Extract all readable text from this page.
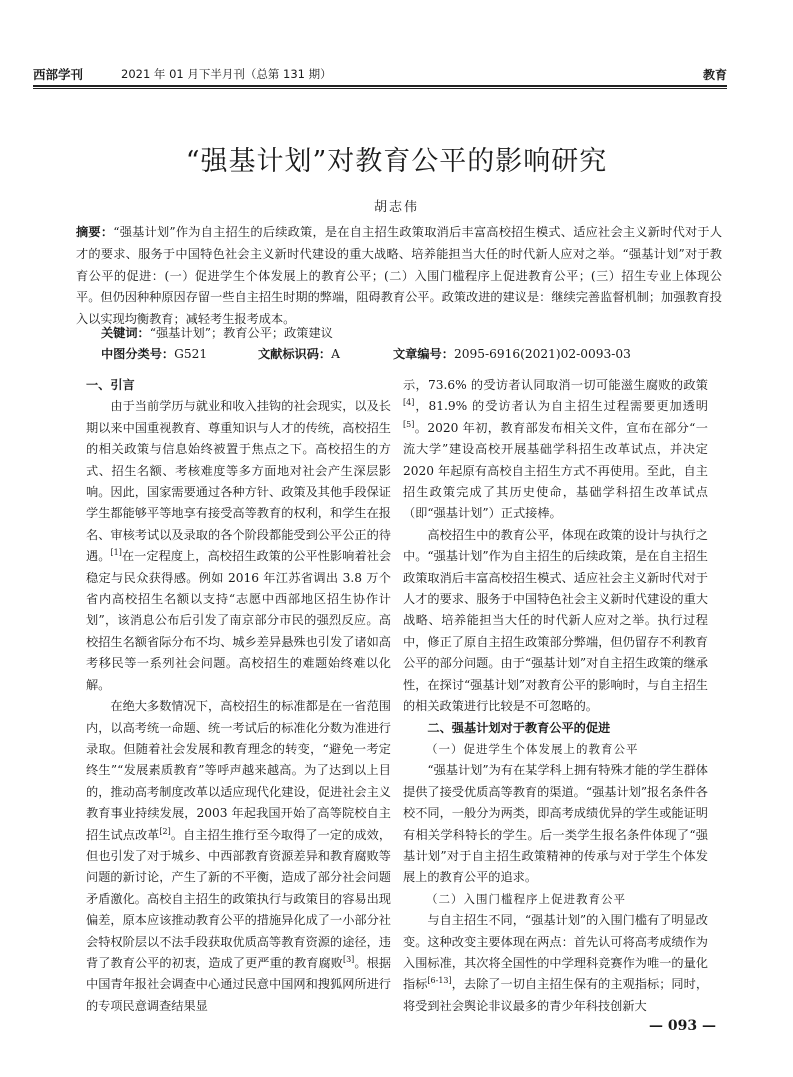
西部学刊	2021 年 01 月下半月刊（总第 131 期）	教育
“强基计划”对教育公平的影响研究
胡志伟
摘要：“强基计划”作为自主招生的后续政策，是在自主招生政策取消后丰富高校招生模式、适应社会主义新时代对于人才的要求、服务于中国特色社会主义新时代建设的重大战略、培养能担当大任的时代新人应对之举。“强基计划”对于教育公平的促进：(一）促进学生个体发展上的教育公平；(二）入围门槛程序上促进教育公平；(三）招生专业上体现公平。但仍因种种原因存留一些自主招生时期的弊端，阻碍教育公平。政策改进的建议是：继续完善监督机制；加强教育投入以实现均衡教育；减轻考生报考成本。
关键词：“强基计划”；教育公平；政策建议
中图分类号：G521	文献标识码：A	文章编号：2095-6916(2021)02-0093-03
一、引言

由于当前学历与就业和收入挂钩的社会现实，以及长期以来中国重视教育、尊重知识与人才的传统，高校招生的相关政策与信息始终被置于焦点之下。高校招生的方式、招生名额、考核难度等多方面地对社会产生深层影响。因此，国家需要通过各种方针、政策及其他手段保证学生都能够平等地享有接受高等教育的权利，和学生在报名、审核考试以及录取的各个阶段都能受到公平公正的待遇。[1]在一定程度上，高校招生政策的公平性影响着社会稳定与民众获得感。例如 2016 年江苏省调出 3.8 万个省内高校招生名额以支持“志愿中西部地区招生协作计划”，该消息公布后引发了南京部分市民的强烈反应。高校招生名额省际分布不均、城乡差异悬殊也引发了诸如高考移民等一系列社会问题。高校招生的难题始终难以化解。

在绝大多数情况下，高校招生的标准都是在一省范围内，以高考统一命题、统一考试后的标准化分数为准进行录取。但随着社会发展和教育理念的转变，“避免一考定终生”“发展素质教育”等呼声越来越高。为了达到以上目的，推动高考制度改革以适应现代化建设，促进社会主义教育事业持续发展，2003 年起我国开始了高等院校自主招生试点改革[2]。自主招生推行至今取得了一定的成效，但也引发了对于城乡、中西部教育资源差异和教育腐败等问题的新讨论，产生了新的不平衡，造成了部分社会问题矛盾激化。高校自主招生的政策执行与政策目的容易出现偏差，原本应该推动教育公平的措施异化成了一小部分社会特权阶层以不法手段获取优质高等教育资源的途径，违背了教育公平的初衷，造成了更严重的教育腐败[3]。根据中国青年报社会调查中心通过民意中国网和搜狐网所进行的专项民意调查结果显

示，73.6% 的受访者认同取消一切可能滋生腐败的政策[4]，81.9% 的受访者认为自主招生过程需要更加透明[5]。2020 年初，教育部发布相关文件，宣布在部分“一流大学”建设高校开展基础学科招生改革试点，并决定 2020 年起原有高校自主招生方式不再使用。至此，自主招生政策完成了其历史使命，基础学科招生改革试点（即“强基计划”）正式接棒。

高校招生中的教育公平，体现在政策的设计与执行之中。“强基计划”作为自主招生的后续政策，是在自主招生政策取消后丰富高校招生模式、适应社会主义新时代对于人才的要求、服务于中国特色社会主义新时代建设的重大战略、培养能担当大任的时代新人应对之举。执行过程中，修正了原自主招生政策部分弊端，但仍留存不利教育公平的部分问题。由于“强基计划”对自主招生政策的继承性，在探讨“强基计划”对教育公平的影响时，与自主招生的相关政策进行比较是不可忽略的。

二、强基计划对于教育公平的促进
（一）促进学生个体发展上的教育公平

“强基计划”为有在某学科上拥有特殊才能的学生群体提供了接受优质高等教育的渠道。“强基计划”报名条件各校不同，一般分为两类，即高考成绩优异的学生或能证明有相关学科特长的学生。后一类学生报名条件体现了“强基计划”对于自主招生政策精神的传承与对于学生个体发展上的教育公平的追求。

（二）入围门槛程序上促进教育公平

与自主招生不同，“强基计划”的入围门槛有了明显改变。这种改变主要体现在两点：首先认可将高考成绩作为入围标准，其次将全国性的中学理科竞赛作为唯一的量化指标[6-13]，去除了一切自主招生保有的主观指标；同时，将受到社会舆论非议最多的青少年科技创新大

— 093 —
